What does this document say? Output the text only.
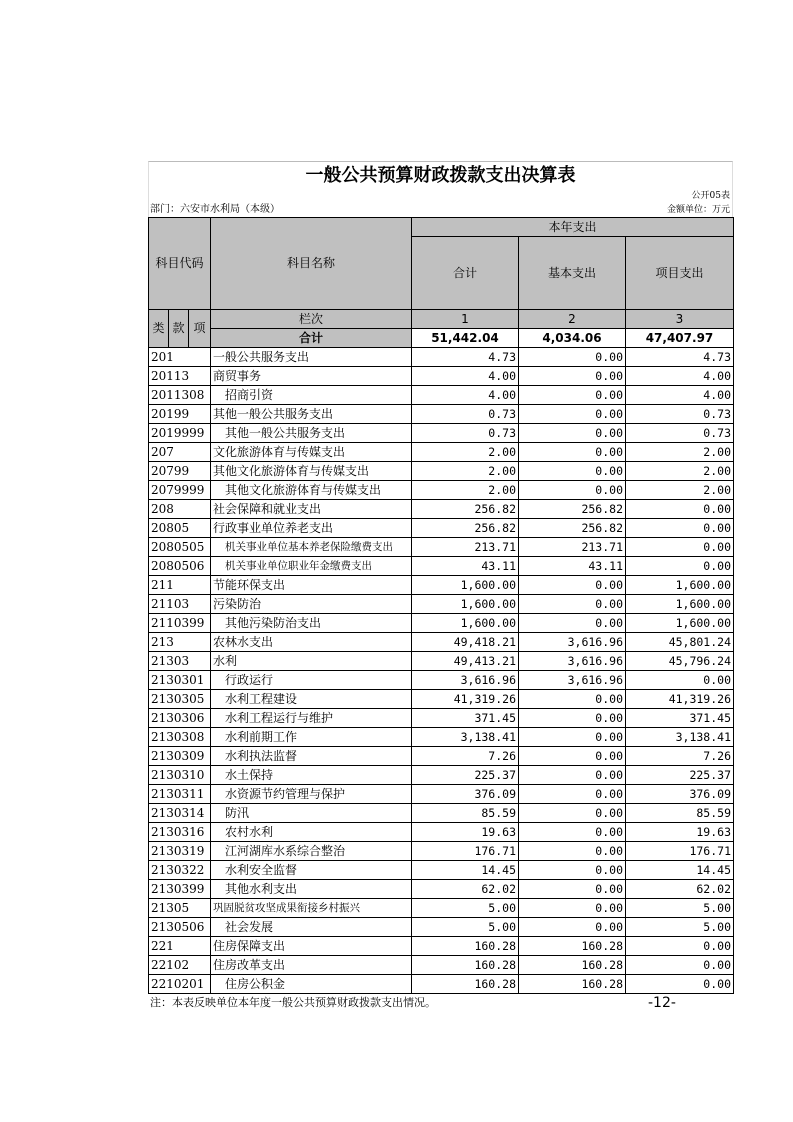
一般公共预算财政拨款支出决算表
公开05表
部门：六安市水利局（本级）	金额单位：万元
科目代码			科目名称	本年支出		
				合计	基本支出	项目支出

类	款	项	栏次	1	2	3
			合计	51,442.04	4,034.06	47,407.97
201			一般公共服务支出	4.73	0.00	4.73
20113			商贸事务	4.00	0.00	4.00
2011308			招商引资	4.00	0.00	4.00
20199			其他一般公共服务支出	0.73	0.00	0.73
2019999			其他一般公共服务支出	0.73	0.00	0.73
207			文化旅游体育与传媒支出	2.00	0.00	2.00
20799			其他文化旅游体育与传媒支出	2.00	0.00	2.00
2079999			其他文化旅游体育与传媒支出	2.00	0.00	2.00
208			社会保障和就业支出	256.82	256.82	0.00
20805			行政事业单位养老支出	256.82	256.82	0.00
2080505			机关事业单位基本养老保险缴费支出	213.71	213.71	0.00
2080506			机关事业单位职业年金缴费支出	43.11	43.11	0.00
211			节能环保支出	1,600.00	0.00	1,600.00
21103			污染防治	1,600.00	0.00	1,600.00
2110399			其他污染防治支出	1,600.00	0.00	1,600.00
213			农林水支出	49,418.21	3,616.96	45,801.24
21303			水利	49,413.21	3,616.96	45,796.24
2130301			行政运行	3,616.96	3,616.96	0.00
2130305			水利工程建设	41,319.26	0.00	41,319.26
2130306			水利工程运行与维护	371.45	0.00	371.45
2130308			水利前期工作	3,138.41	0.00	3,138.41
2130309			水利执法监督	7.26	0.00	7.26
2130310			水土保持	225.37	0.00	225.37
2130311			水资源节约管理与保护	376.09	0.00	376.09
2130314			防汛	85.59	0.00	85.59
2130316			农村水利	19.63	0.00	19.63
2130319			江河湖库水系综合整治	176.71	0.00	176.71
2130322			水利安全监督	14.45	0.00	14.45
2130399			其他水利支出	62.02	0.00	62.02
21305			巩固脱贫攻坚成果衔接乡村振兴	5.00	0.00	5.00
2130506			社会发展	5.00	0.00	5.00
221			住房保障支出	160.28	160.28	0.00
22102			住房改革支出	160.28	160.28	0.00
2210201			住房公积金	160.28	160.28	0.00
注：本表反映单位本年度一般公共预算财政拨款支出情况。	-12-
